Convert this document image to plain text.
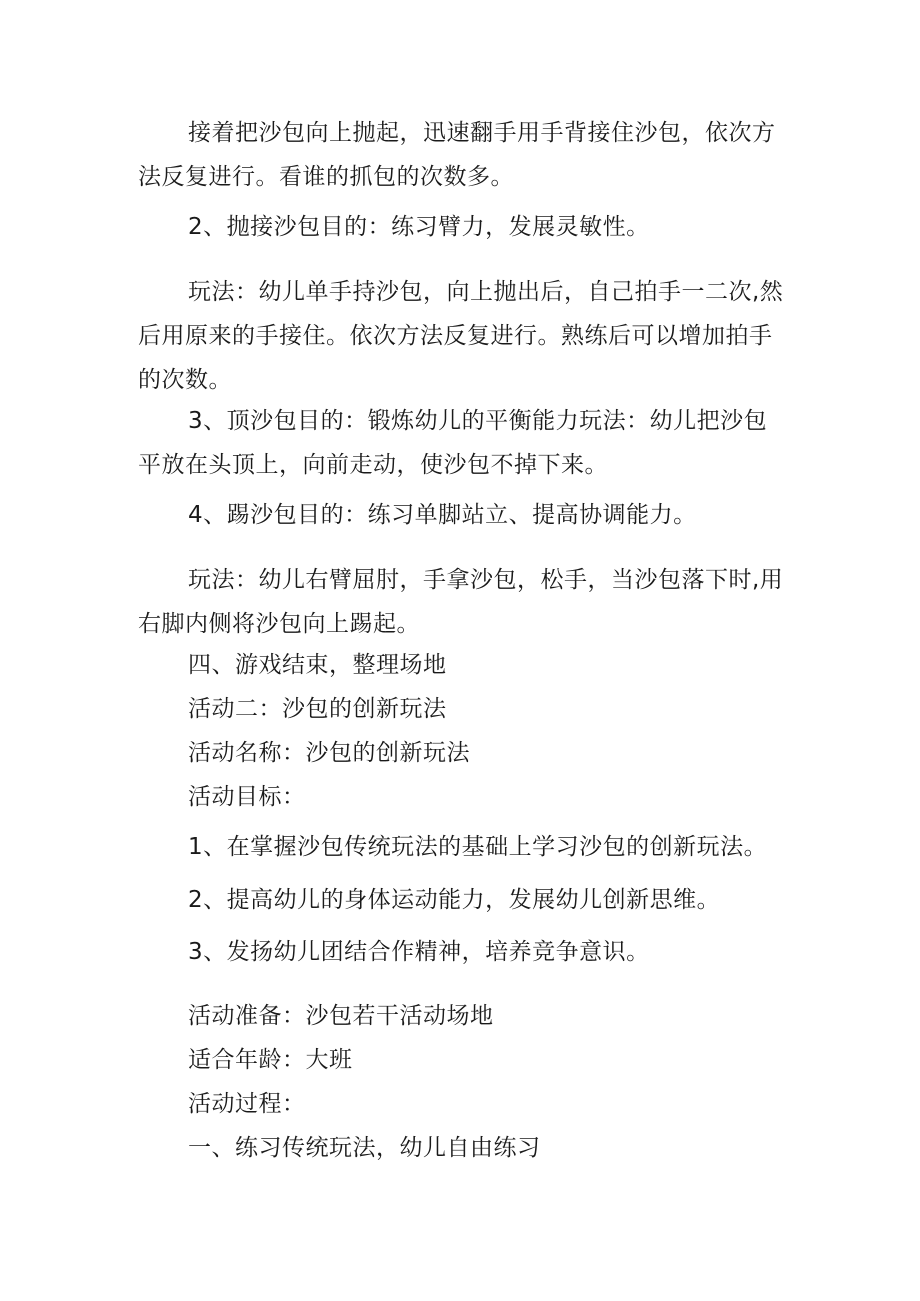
接着把沙包向上抛起，迅速翻手用手背接住沙包，依次方法反复进行。看谁的抓包的次数多。

2、抛接沙包目的：练习臂力，发展灵敏性。

玩法：幼儿单手持沙包，向上抛出后，自己拍手一二次,然后用原来的手接住。依次方法反复进行。熟练后可以增加拍手的次数。

3、顶沙包目的：锻炼幼儿的平衡能力玩法：幼儿把沙包平放在头顶上，向前走动，使沙包不掉下来。

4、踢沙包目的：练习单脚站立、提高协调能力。

玩法：幼儿右臂屈肘，手拿沙包，松手，当沙包落下时,用右脚内侧将沙包向上踢起。

四、游戏结束，整理场地

活动二：沙包的创新玩法

活动名称：沙包的创新玩法

活动目标：

1、在掌握沙包传统玩法的基础上学习沙包的创新玩法。

2、提高幼儿的身体运动能力，发展幼儿创新思维。

3、发扬幼儿团结合作精神，培养竞争意识。

活动准备：沙包若干活动场地

适合年龄：大班

活动过程：

一、练习传统玩法，幼儿自由练习
